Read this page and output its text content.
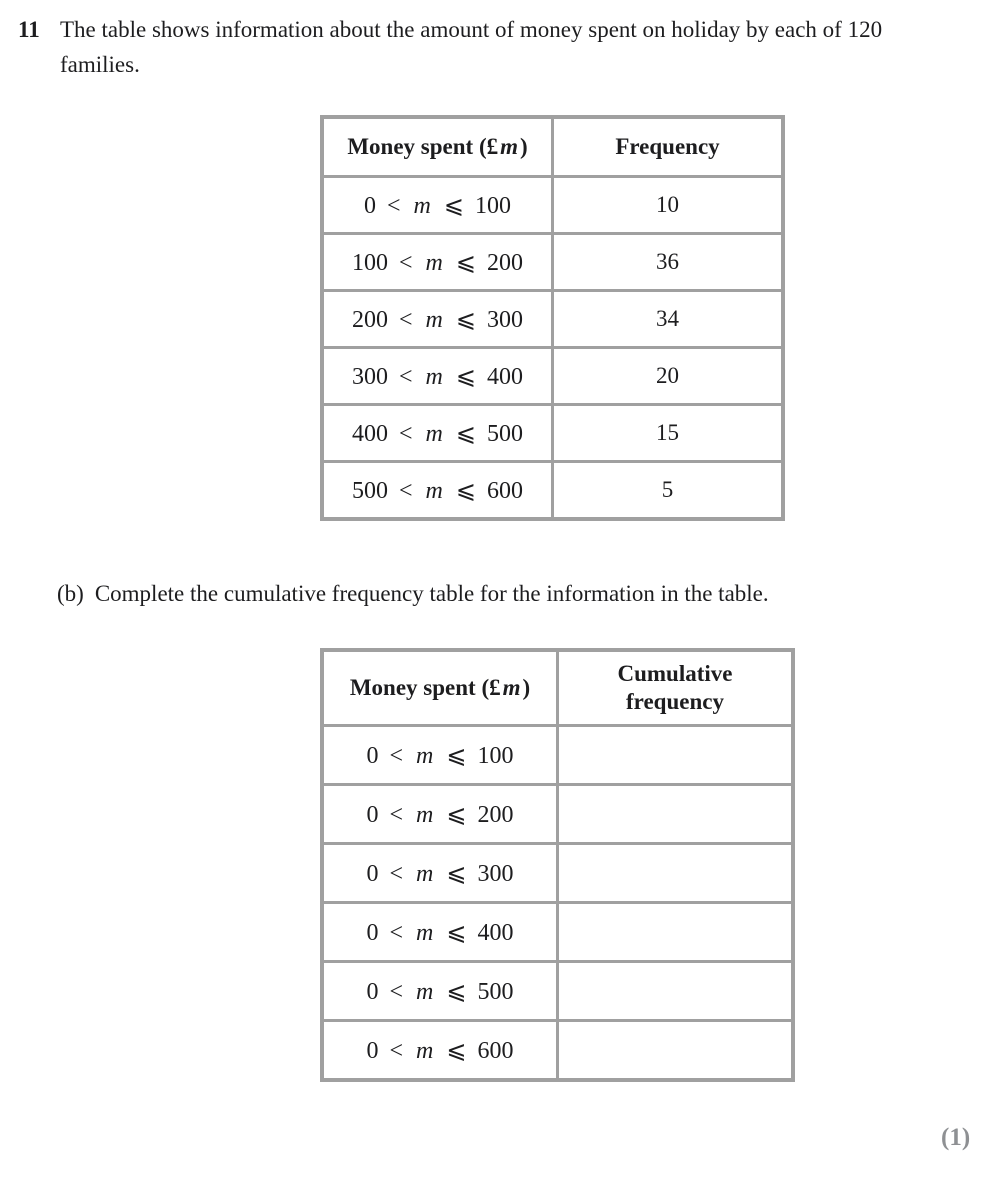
11 The table shows information about the amount of money spent on holiday by each of 120 families.
Money spent (£m)	Frequency
0 < m ⩽ 100	10
100 < m ⩽ 200	36
200 < m ⩽ 300	34
300 < m ⩽ 400	20
400 < m ⩽ 500	15
500 < m ⩽ 600	5
(b) Complete the cumulative frequency table for the information in the table.
Money spent (£m)	Cumulative frequency

0 < m ⩽ 100	
0 < m ⩽ 200	
0 < m ⩽ 300	
0 < m ⩽ 400	
0 < m ⩽ 500	
0 < m ⩽ 600	
(1)
